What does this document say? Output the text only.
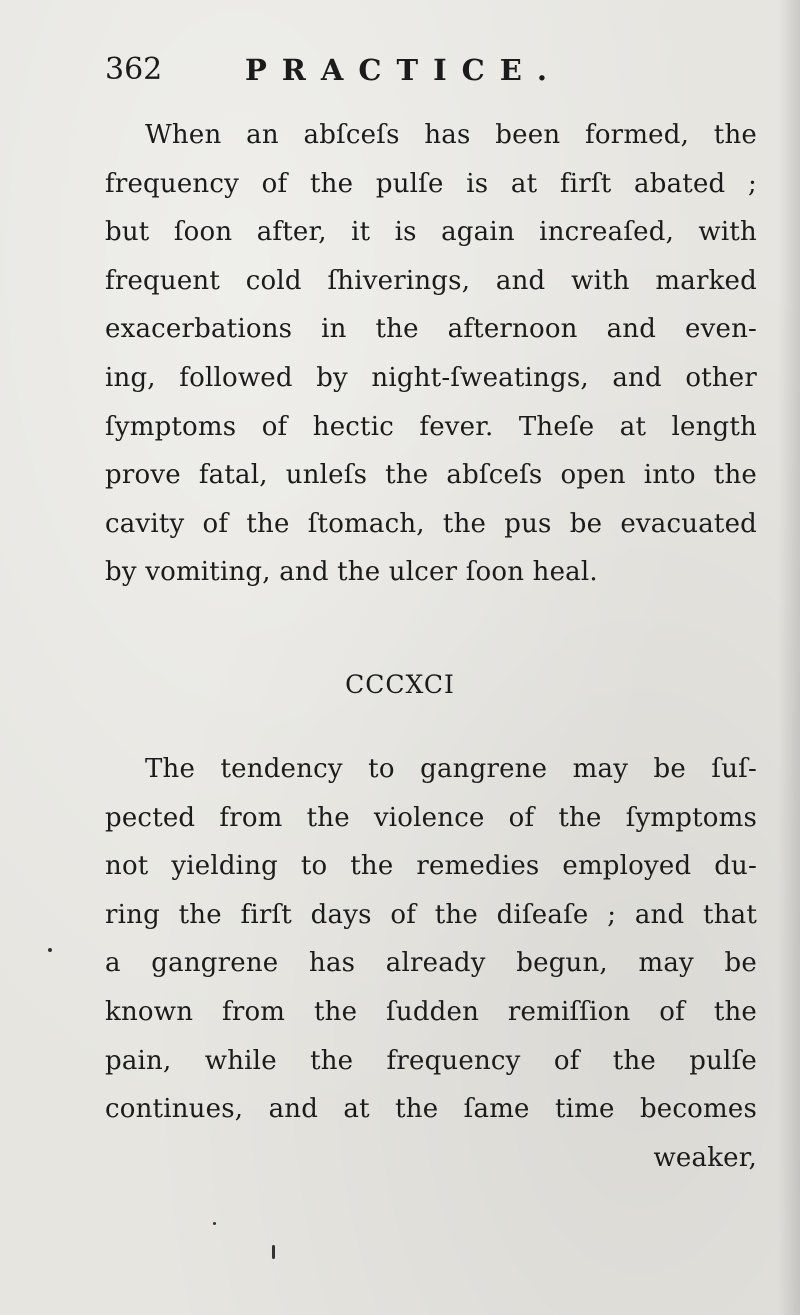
362	PRACTICE.
When an abſceſs has been formed, the
frequency of the pulſe is at firſt abated ;
but ſoon after, it is again increaſed, with
frequent cold ſhiverings, and with marked
exacerbations in the afternoon and even-
ing, followed by night-ſweatings, and other
ſymptoms of hectic fever. Theſe at length
prove fatal, unleſs the abſceſs open into the
cavity of the ſtomach, the pus be evacuated
by vomiting, and the ulcer ſoon heal.
CCCXCI
The tendency to gangrene may be ſuſ-
pected from the violence of the ſymptoms
not yielding to the remedies employed du-
ring the firſt days of the diſeaſe ; and that
a gangrene has already begun, may be
known from the ſudden remiſſion of the
pain, while the frequency of the pulſe
continues, and at the ſame time becomes
weaker,
